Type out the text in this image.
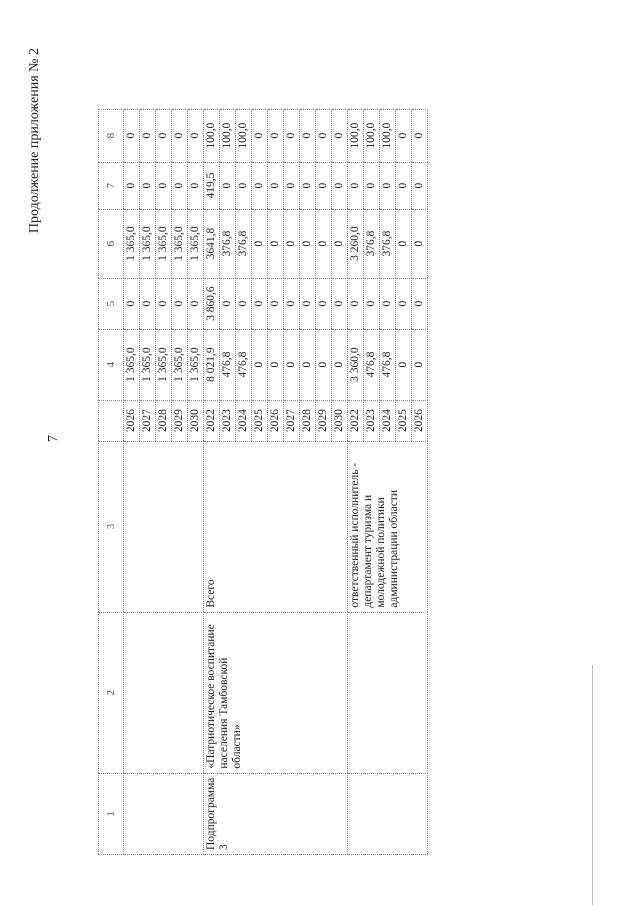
Продолжение приложения № 2
7
1	2	3		4	5	6	7	8
			2026	1 365,0	0	1 365,0	0	0
			2027	1 365,0	0	1 365,0	0	0
			2028	1 365,0	0	1 365,0	0	0
			2029	1 365,0	0	1 365,0	0	0
			2030	1 365,0	0	1 365,0	0	0
Подпрограмма 3	«Патриотическое воспитание населения Тамбовской области»	Всего	2022	8 021,9	3 860,6	3641,8	419,5	100,0
			2023	476,8	0	376,8	0	100,0
			2024	476,8	0	376,8	0	100,0
			2025	0	0	0	0	0
			2026	0	0	0	0	0
			2027	0	0	0	0	0
			2028	0	0	0	0	0
			2029	0	0	0	0	0
			2030	0	0	0	0	0
		ответственный исполнитель - департамент туризма и молодежной политики администрации области	2022	3 360,0	0	3 260,0	0	100,0
			2023	476,8	0	376,8	0	100,0
			2024	476,8	0	376,8	0	100,0
			2025	0	0	0	0	0
			2026	0	0	0	0	0
